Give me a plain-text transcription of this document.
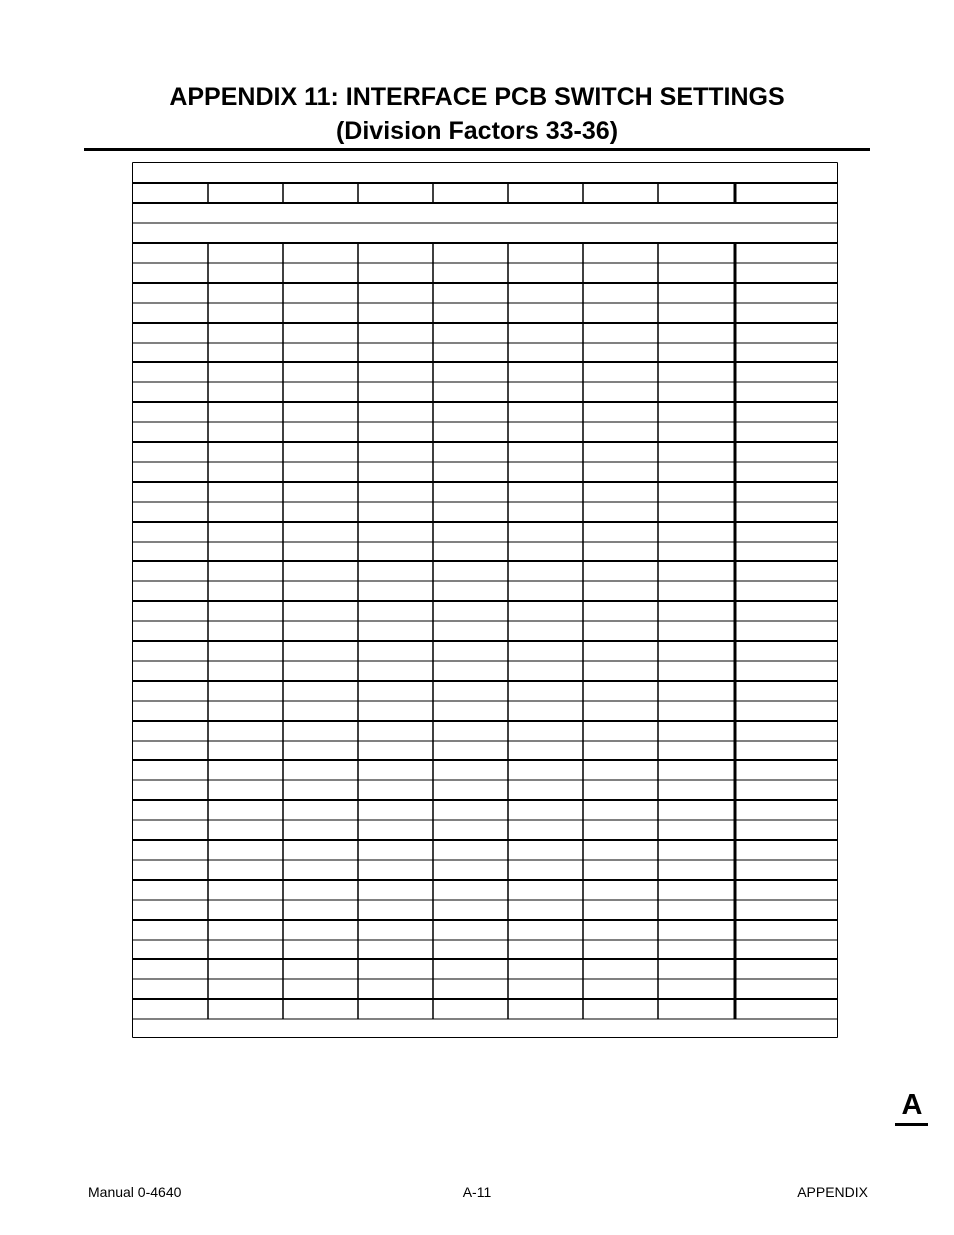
APPENDIX 11: INTERFACE PCB SWITCH SETTINGS
(Division Factors 33-36)
A
Manual 0-4640	A-11	APPENDIX
